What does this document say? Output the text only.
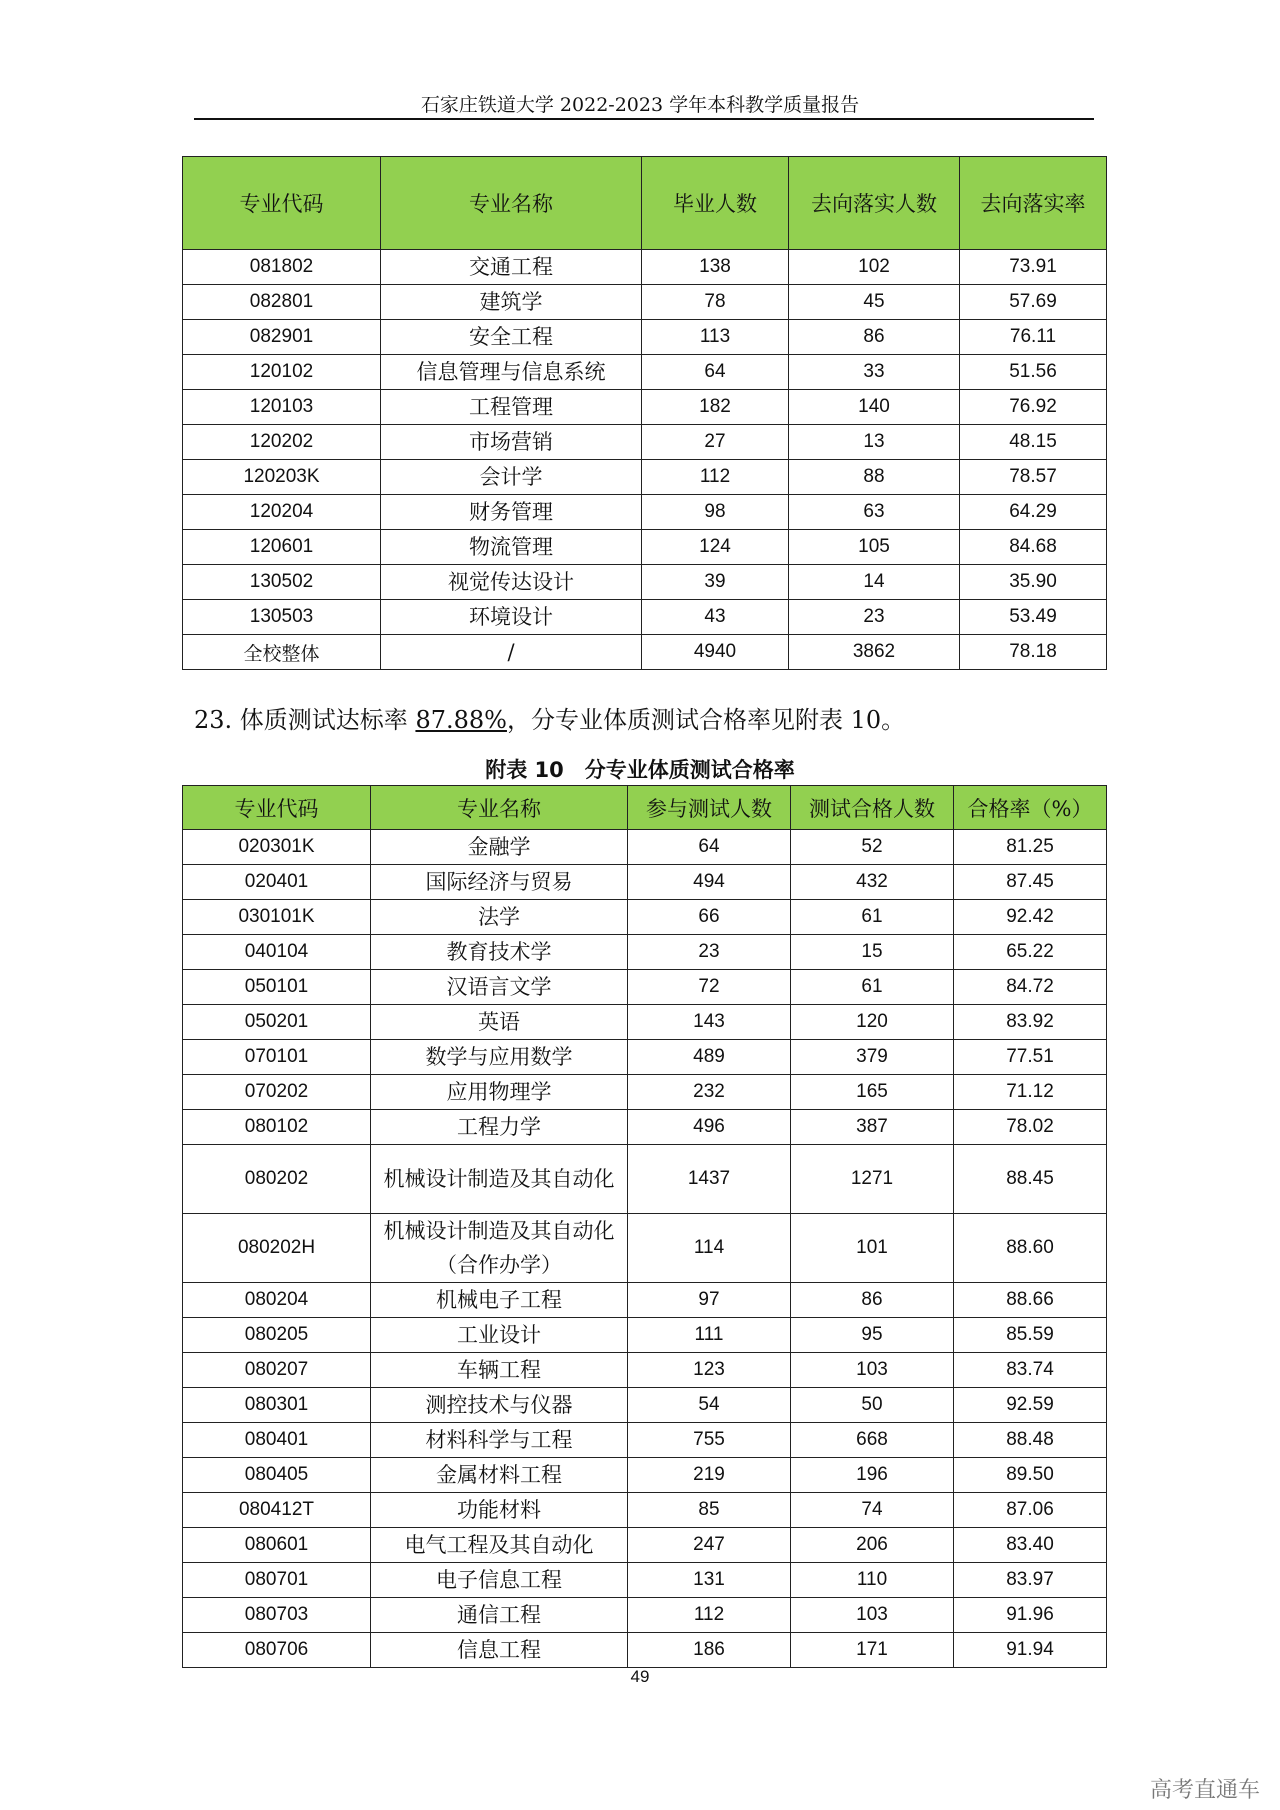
石家庄铁道大学 2022-2023 学年本科教学质量报告
专业代码	专业名称	毕业人数	去向落实人数	去向落实率
081802	交通工程	138	102	73.91
082801	建筑学	78	45	57.69
082901	安全工程	113	86	76.11
120102	信息管理与信息系统	64	33	51.56
120103	工程管理	182	140	76.92
120202	市场营销	27	13	48.15
120203K	会计学	112	88	78.57
120204	财务管理	98	63	64.29
120601	物流管理	124	105	84.68
130502	视觉传达设计	39	14	35.90
130503	环境设计	43	23	53.49
全校整体	/	4940	3862	78.18
23. 体质测试达标率 87.88%，分专业体质测试合格率见附表 10。
附表 10　分专业体质测试合格率
专业代码	专业名称	参与测试人数	测试合格人数	合格率（%）
020301K	金融学	64	52	81.25
020401	国际经济与贸易	494	432	87.45
030101K	法学	66	61	92.42
040104	教育技术学	23	15	65.22
050101	汉语言文学	72	61	84.72
050201	英语	143	120	83.92
070101	数学与应用数学	489	379	77.51
070202	应用物理学	232	165	71.12
080102	工程力学	496	387	78.02
080202	机械设计制造及其自动化	1437	1271	88.45
080202H	机械设计制造及其自动化（合作办学）	114	101	88.60
080204	机械电子工程	97	86	88.66
080205	工业设计	111	95	85.59
080207	车辆工程	123	103	83.74
080301	测控技术与仪器	54	50	92.59
080401	材料科学与工程	755	668	88.48
080405	金属材料工程	219	196	89.50
080412T	功能材料	85	74	87.06
080601	电气工程及其自动化	247	206	83.40
080701	电子信息工程	131	110	83.97
080703	通信工程	112	103	91.96
080706	信息工程	186	171	91.94
49
高考直通车
